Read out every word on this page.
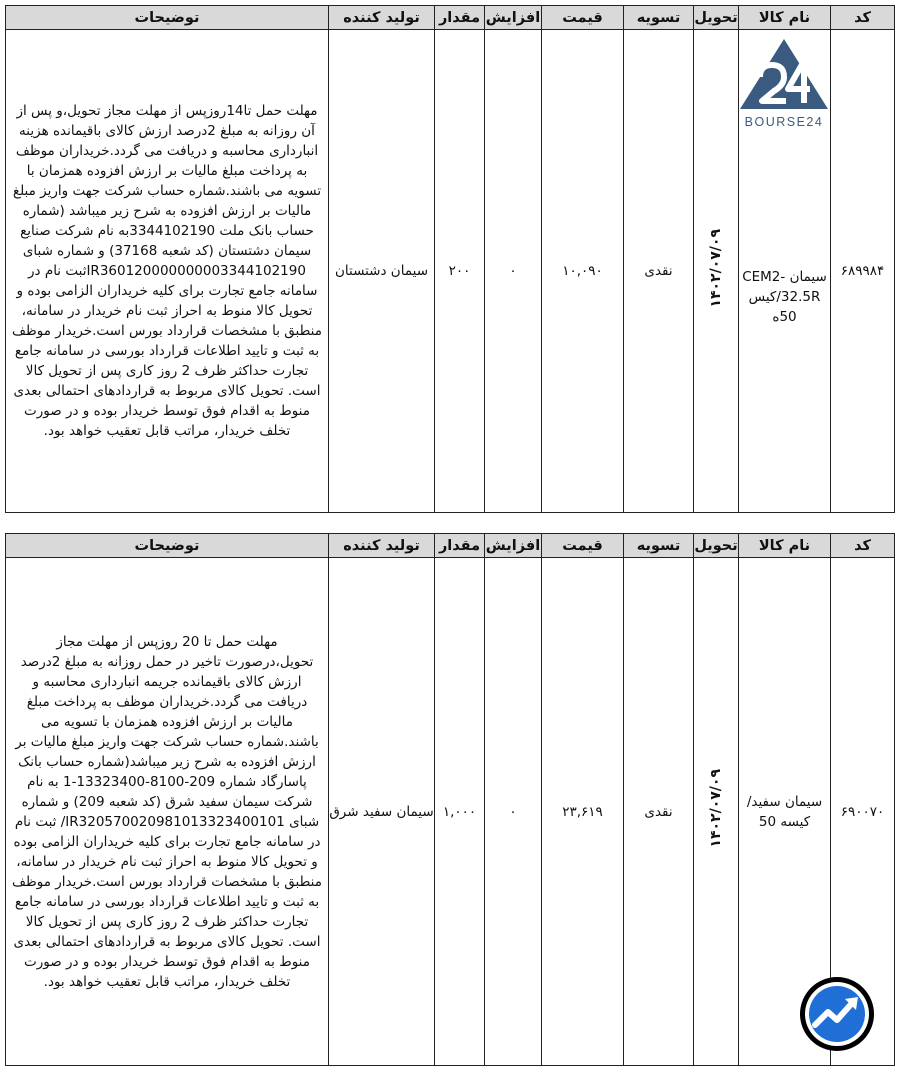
کد	نام کالا	تحویل	تسویه	قیمت	افزایش	مقدار	تولید کننده	توضیحات
۶۸۹۹۸۴	سیمان CEM2-32.5R/کیس 50ه	۱۴۰۲/۰۷/۰۹	نقدی	۱۰,۰۹۰	۰	۲۰۰	سیمان دشتستان	مهلت حمل تا14روزپس از مهلت مجاز تحویل،و پس از آن روزانه به مبلغ 2درصد ارزش کالای باقیمانده هزینه انبارداری محاسبه و دریافت می گردد.خریداران موظف به پرداخت مبلغ مالیات بر ارزش افزوده همزمان با تسویه می باشند.شماره حساب شرکت جهت واریز مبلغ مالیات بر ارزش افزوده به شرح زیر میباشد (شماره حساب بانک ملت 3344102190به نام شرکت صنایع سیمان دشتستان (کد شعبه 37168) و شماره شبای IR360120000000003344102190ثبت نام در سامانه جامع تجارت برای کلیه خریداران الزامی بوده و تحویل کالا منوط به احراز ثبت نام خریدار در سامانه، منطبق با مشخصات قرارداد بورس است.خریدار موظف به ثبت و تایید اطلاعات قرارداد بورسی در سامانه جامع تجارت حداکثر ظرف 2 روز کاری پس از تحویل کالا است. تحویل کالای مربوط به قراردادهای احتمالی بعدی منوط به اقدام فوق توسط خریدار بوده و در صورت تخلف خریدار، مراتب قابل تعقیب خواهد بود.
کد	نام کالا	تحویل	تسویه	قیمت	افزایش	مقدار	تولید کننده	توضیحات
۶۹۰۰۷۰	سیمان سفید/کیسه 50	۱۴۰۲/۰۷/۰۹	نقدی	۲۳,۶۱۹	۰	۱,۰۰۰	سیمان سفید شرق	مهلت حمل تا 20 روزپس از مهلت مجاز تحویل،درصورت تاخیر در حمل روزانه به مبلغ 2درصد ارزش کالای باقیمانده جریمه انبارداری محاسبه و دریافت می گردد.خریداران موظف به پرداخت مبلغ مالیات بر ارزش افزوده همزمان با تسویه می باشند.شماره حساب شرکت جهت واریز مبلغ مالیات بر ارزش افزوده به شرح زیر میباشد(شماره حساب بانک پاسارگاد شماره 209-8100-13323400-1 به نام شرکت سیمان سفید شرق (کد شعبه 209) و شماره شبای IR320570020981013323400101/ ثبت نام در سامانه جامع تجارت برای کلیه خریداران الزامی بوده و تحویل کالا منوط به احراز ثبت نام خریدار در سامانه، منطبق با مشخصات قرارداد بورس است.خریدار موظف به ثبت و تایید اطلاعات قرارداد بورسی در سامانه جامع تجارت حداکثر ظرف 2 روز کاری پس از تحویل کالا است. تحویل کالای مربوط به قراردادهای احتمالی بعدی منوط به اقدام فوق توسط خریدار بوده و در صورت تخلف خریدار، مراتب قابل تعقیب خواهد بود.
BOURSE24
